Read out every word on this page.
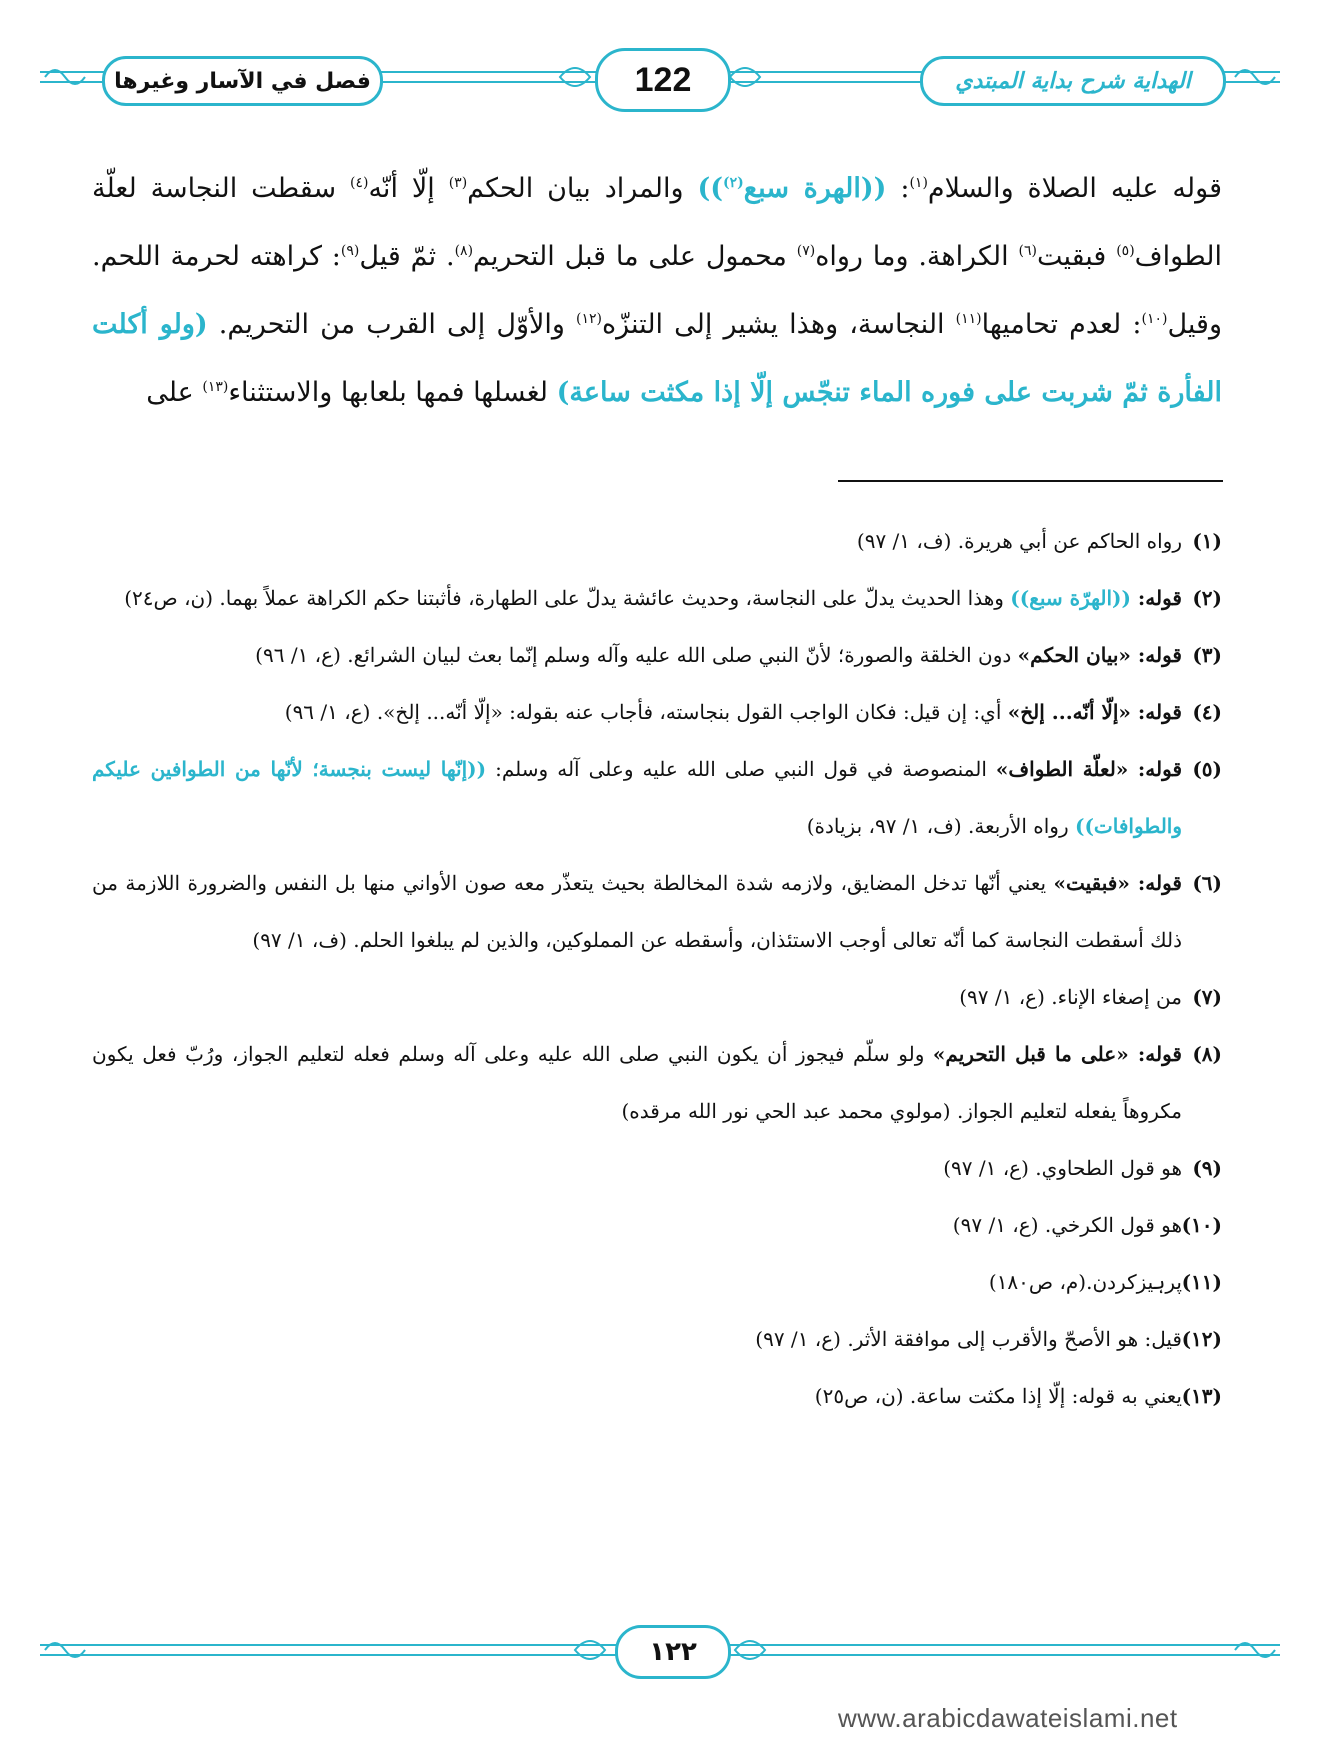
فصل في الآسار وغيرها	122	الهداية شرح بداية المبتدي
قوله عليه الصلاة والسلام$^{(١)}$: ((الهرة سبع$^{(٢)}$)) والمراد بيان الحكم$^{(٣)}$ إلّا أنّه$^{(٤)}$ سقطت النجاسة لعلّة الطواف$^{(٥)}$ فبقيت$^{(٦)}$ الكراهة. وما رواه$^{(٧)}$ محمول على ما قبل التحريم$^{(٨)}$. ثمّ قيل$^{(٩)}$: كراهته لحرمة اللحم. وقيل$^{(١٠)}$: لعدم تحاميها$^{(١١)}$ النجاسة، وهذا يشير إلى التنزّه$^{(١٢)}$ والأوّل إلى القرب من التحريم. (ولو أكلت الفأرة ثمّ شربت على فوره الماء تنجّس إلّا إذا مكثت ساعة) لغسلها فمها بلعابها والاستثناء$^{(١٣)}$ على
(١)رواه الحاكم عن أبي هريرة. (ف، ١/ ٩٧)
(٢)قوله: ((الهرّة سبع)) وهذا الحديث يدلّ على النجاسة، وحديث عائشة يدلّ على الطهارة، فأثبتنا حكم الكراهة عملاً بهما. (ن، ص٢٤)
(٣)قوله: «بيان الحكم» دون الخلقة والصورة؛ لأنّ النبي صلى الله عليه وآله وسلم إنّما بعث لبيان الشرائع. (ع، ١/ ٩٦)
(٤)قوله: «إلّا أنّه... إلخ» أي: إن قيل: فكان الواجب القول بنجاسته، فأجاب عنه بقوله: «إلّا أنّه... إلخ». (ع، ١/ ٩٦)
(٥)قوله: «لعلّة الطواف» المنصوصة في قول النبي صلى الله عليه وعلى آله وسلم: ((إنّها ليست بنجسة؛ لأنّها من الطوافين عليكم والطوافات)) رواه الأربعة. (ف، ١/ ٩٧، بزيادة)
(٦)قوله: «فبقيت» يعني أنّها تدخل المضايق، ولازمه شدة المخالطة بحيث يتعذّر معه صون الأواني منها بل النفس والضرورة اللازمة من ذلك أسقطت النجاسة كما أنّه تعالى أوجب الاستئذان، وأسقطه عن المملوكين، والذين لم يبلغوا الحلم. (ف، ١/ ٩٧)
(٧)من إصغاء الإناء. (ع، ١/ ٩٧)
(٨)قوله: «على ما قبل التحريم» ولو سلّم فيجوز أن يكون النبي صلى الله عليه وعلى آله وسلم فعله لتعليم الجواز، ورُبّ فعل يكون مكروهاً يفعله لتعليم الجواز. (مولوي محمد عبد الحي نور الله مرقده)
(٩)هو قول الطحاوي. (ع، ١/ ٩٧)
(١٠)هو قول الكرخي. (ع، ١/ ٩٧)
(١١)پرہیزکردن.(م، ص١٨٠)
(١٢)قيل: هو الأصحّ والأقرب إلى موافقة الأثر. (ع، ١/ ٩٧)
(١٣)يعني به قوله: إلّا إذا مكثت ساعة. (ن، ص٢٥)
١٢٢
www.arabicdawateislami.net
